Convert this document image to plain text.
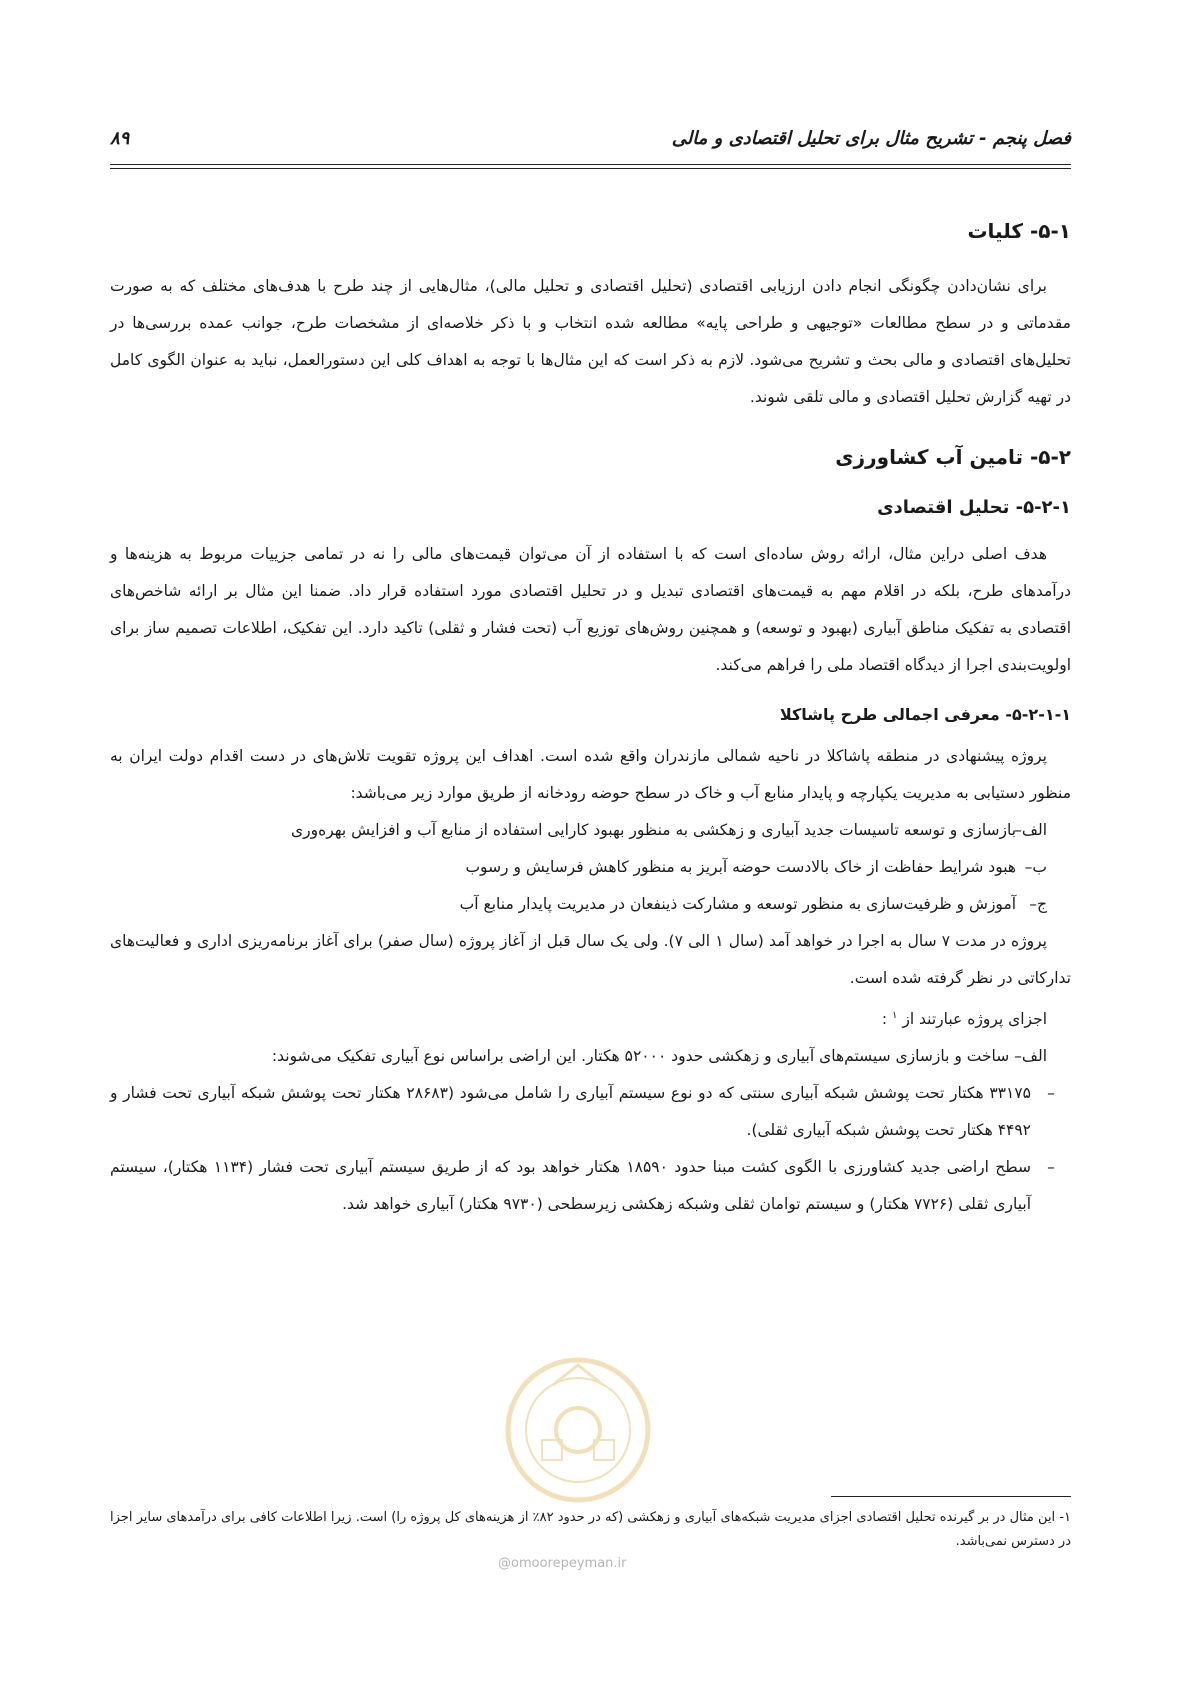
فصل پنجم - تشریح مثال برای تحلیل اقتصادی و مالی
۸۹
۵-۱- کلیات

برای نشان‌دادن چگونگی انجام دادن ارزیابی اقتصادی (تحلیل اقتصادی و تحلیل مالی)، مثال‌هایی از چند طرح با هدف‌های مختلف که به صورت مقدماتی و در سطح مطالعات «توجیهی و طراحی پایه» مطالعه شده انتخاب و با ذکر خلاصه‌ای از مشخصات طرح، جوانب عمده بررسی‌ها در تحلیل‌های اقتصادی و مالی بحث و تشریح می‌شود. لازم به ذکر است که این مثال‌ها با توجه به اهداف کلی این دستورالعمل، نباید به عنوان الگوی کامل در تهیه گزارش تحلیل اقتصادی و مالی تلقی شوند.

۵-۲- تامین آب کشاورزی
۵-۲-۱- تحلیل اقتصادی

هدف اصلی دراین مثال، ارائه روش ساده‌ای است که با استفاده از آن می‌توان قیمت‌های مالی را نه در تمامی جزییات مربوط به هزینه‌ها و درآمدهای طرح، بلکه در اقلام مهم به قیمت‌های اقتصادی تبدیل و در تحلیل اقتصادی مورد استفاده قرار داد. ضمنا این مثال بر ارائه شاخص‌های اقتصادی به تفکیک مناطق آبیاری (بهبود و توسعه) و همچنین روش‌های توزیع آب (تحت فشار و ثقلی) تاکید دارد. این تفکیک، اطلاعات تصمیم ساز برای اولویت‌بندی اجرا از دیدگاه اقتصاد ملی را فراهم می‌کند.

۵-۲-۱-۱- معرفی اجمالی طرح پاشاکلا

پروژه پیشنهادی در منطقه پاشاکلا در ناحیه شمالی مازندران واقع شده است. اهداف این پروژه تقویت تلاش‌های در دست اقدام دولت ایران به منظور دستیابی به مدیریت یکپارچه و پایدار منابع آب و خاک در سطح حوضه رودخانه از طریق موارد زیر می‌باشد:

الف– بازسازی و توسعه تاسیسات جدید آبیاری و زهکشی به منظور بهبود کارایی استفاده از منابع آب و افزایش بهره‌وری
ب– هبود شرایط حفاظت از خاک بالادست حوضه آبریز به منظور کاهش فرسایش و رسوب
ج– آموزش و ظرفیت‌سازی به منظور توسعه و مشارکت ذینفعان در مدیریت پایدار منابع آب

پروژه در مدت ۷ سال به اجرا در خواهد آمد (سال ۱ الی ۷). ولی یک سال قبل از آغاز پروژه (سال صفر) برای آغاز برنامه‌ریزی اداری و فعالیت‌های تدارکاتی در نظر گرفته شده است.

اجزای پروژه عبارتند از $^۱$ :
الف– ساخت و بازسازی سیستم‌های آبیاری و زهکشی حدود ۵۲۰۰۰ هکتار. این اراضی براساس نوع آبیاری تفکیک می‌شوند:
–
۳۳۱۷۵ هکتار تحت پوشش شبکه آبیاری سنتی که دو نوع سیستم آبیاری را شامل می‌شود (۲۸۶۸۳ هکتار تحت پوشش شبکه آبیاری تحت فشار و ۴۴۹۲ هکتار تحت پوشش شبکه آبیاری ثقلی).
–
سطح اراضی جدید کشاورزی با الگوی کشت مبنا حدود ۱۸۵۹۰ هکتار خواهد بود که از طریق سیستم آبیاری تحت فشار (۱۱۳۴ هکتار)، سیستم آبیاری ثقلی (۷۷۲۶ هکتار) و سیستم توامان ثقلی وشبکه زهکشی زیرسطحی (۹۷۳۰ هکتار) آبیاری خواهد شد.
۱- این مثال در بر گیرنده تحلیل اقتصادی اجزای مدیریت شبکه‌های آبیاری و زهکشی (که در حدود ۸۲٪ از هزینه‌های کل پروژه را) است. زیرا اطلاعات کافی برای درآمدهای سایر اجزا در دسترس نمی‌باشد.
@omoorepeyman.ir
